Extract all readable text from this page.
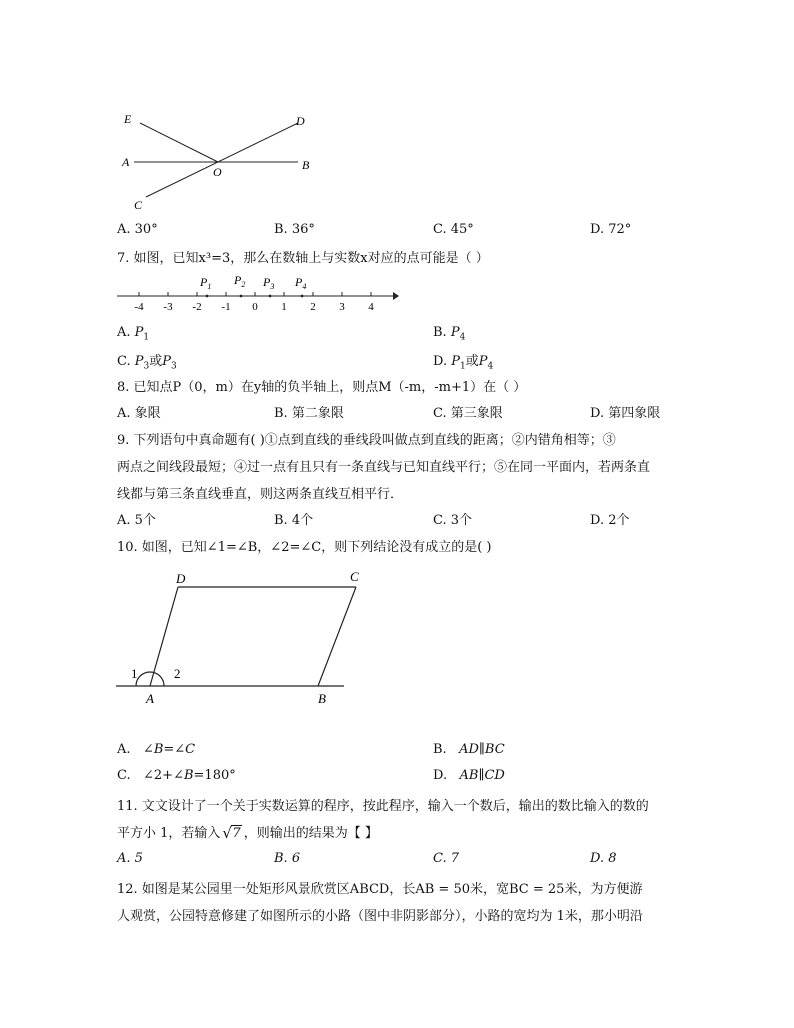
E	D
A
O	B
C
A. 30°	B. 36°	C. 45°	D. 72°
7. 如图，已知x³=3，那么在数轴上与实数x对应的点可能是（ ）
-4 -3 -2 -1 0 1 2 3 4
$P_1$ $P_2$ $P_3$ $P_4$
A. $P_1$	B. $P_4$
C. $P_3$或$P_3$	D. $P_1$或$P_4$
8. 已知点P（0，m）在y轴的负半轴上，则点M（-m，-m+1）在（ ）
A. 象限	B. 第二象限	C. 第三象限	D. 第四象限
9. 下列语句中真命题有( )①点到直线的垂线段叫做点到直线的距离；②内错角相等；③
两点之间线段最短；④过一点有且只有一条直线与已知直线平行；⑤在同一平面内，若两条直
线都与第三条直线垂直，则这两条直线互相平行．
A. 5个	B. 4个	C. 3个	D. 2个
10. 如图，已知∠1=∠B，∠2=∠C，则下列结论没有成立的是( )
D	C
A	B
1	2
A.   ∠B=∠C	B.   AD∥BC
C.   ∠2+∠B=180°	D.   AB∥CD
11. 文文设计了一个关于实数运算的程序，按此程序，输入一个数后，输出的数比输入的数的
平方小 1，若输入 √ 7 ，则输出的结果为【 】
A. 5	B. 6	C. 7	D. 8
12. 如图是某公园里一处矩形风景欣赏区ABCD，长AB = 50米，宽BC = 25米，为方便游
人观赏，公园特意修建了如图所示的小路（图中非阴影部分），小路的宽均为 1米，那小明沿
